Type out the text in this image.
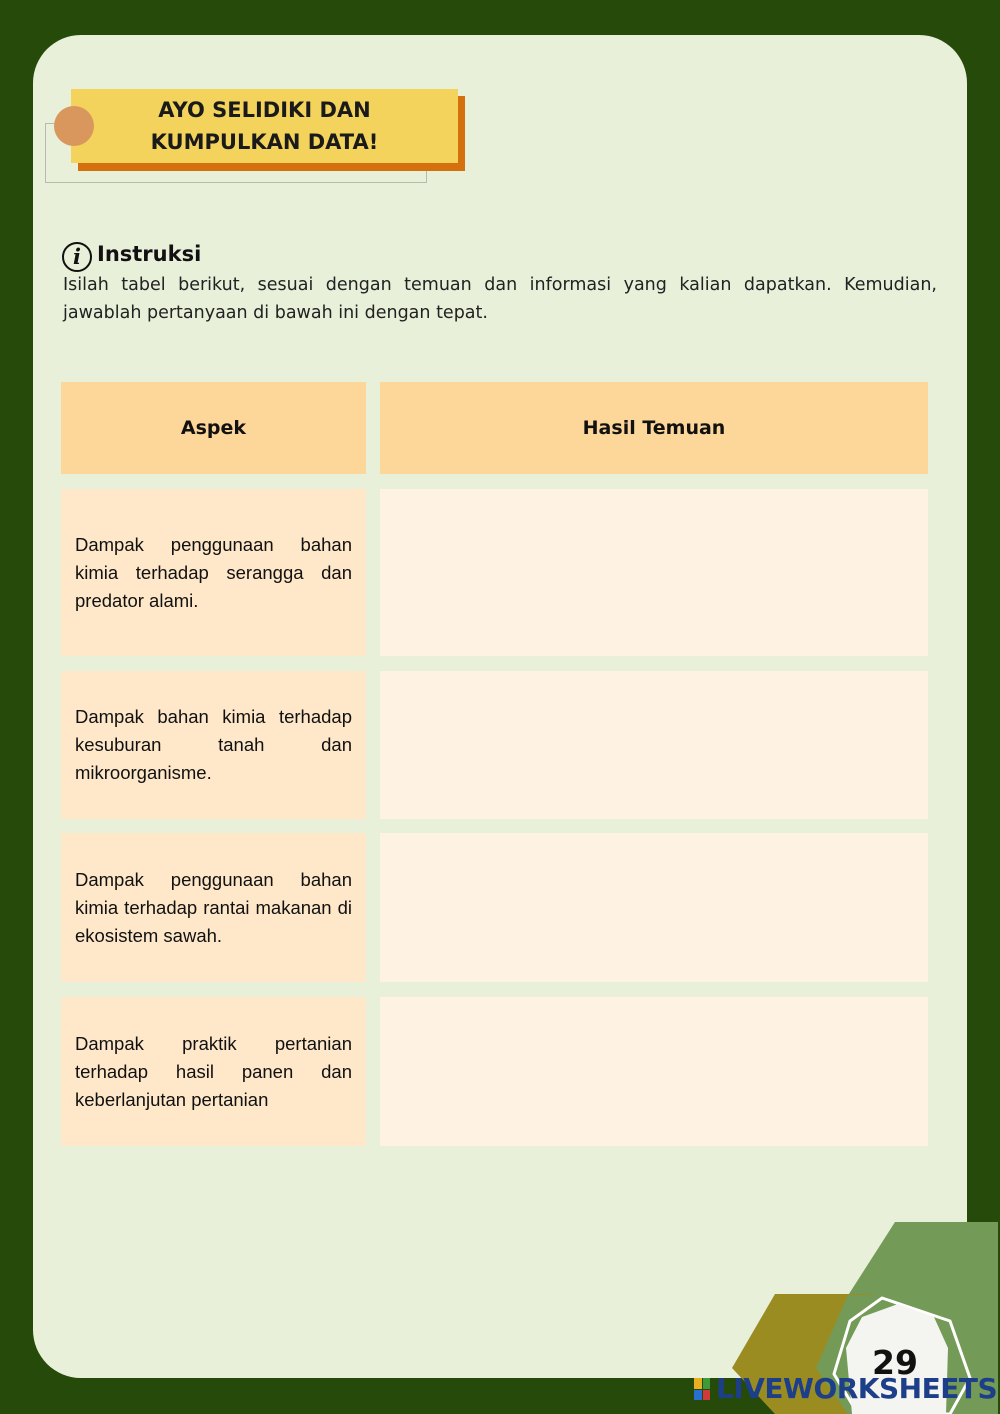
AYO SELIDIKI DAN
KUMPULKAN DATA!
i Instruksi
Isilah tabel berikut, sesuai dengan temuan dan informasi yang kalian dapatkan. Kemudian, jawablah pertanyaan di bawah ini dengan tepat.
Aspek	Hasil Temuan
Dampak penggunaan bahan kimia terhadap serangga dan predator alami.
Dampak bahan kimia terhadap kesuburan tanah dan mikroorganisme.
Dampak penggunaan bahan kimia terhadap rantai makanan di ekosistem sawah.
Dampak praktik pertanian terhadap hasil panen dan keberlanjutan pertanian
29
LIVEWORKSHEETS
